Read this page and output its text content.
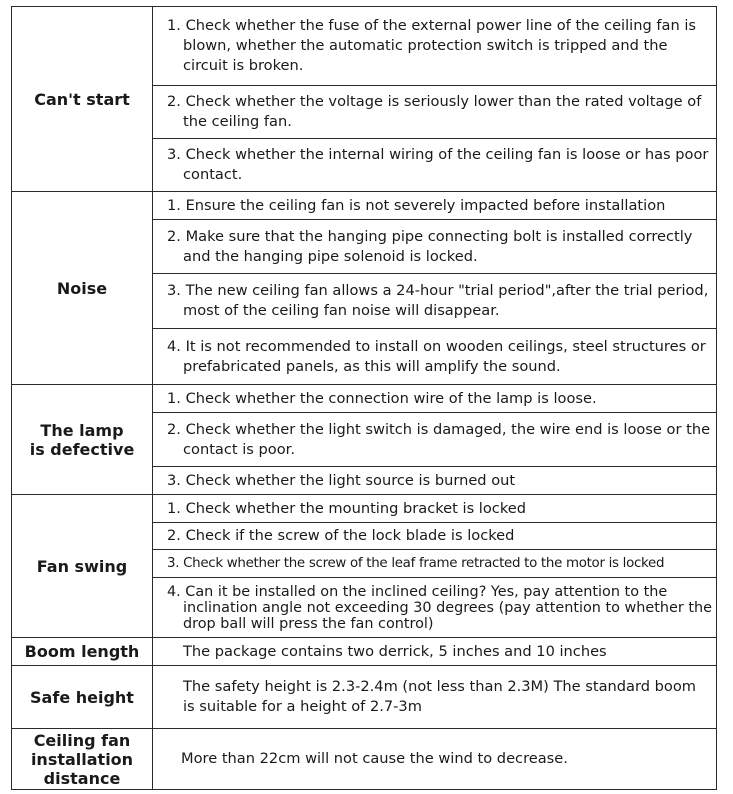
Can't start
1. Check whether the fuse of the external power line of the ceiling fan is blown, whether the automatic protection switch is tripped and the circuit is broken.
2. Check whether the voltage is seriously lower than the rated voltage of the ceiling fan.
3. Check whether the internal wiring of the ceiling fan is loose or has poor contact.
Noise
1. Ensure the ceiling fan is not severely impacted before installation
2. Make sure that the hanging pipe connecting bolt is installed correctly and the hanging pipe solenoid is locked.
3. The new ceiling fan allows a 24-hour "trial period",after the trial period, most of the ceiling fan noise will disappear.
4. It is not recommended to install on wooden ceilings, steel structures or prefabricated panels, as this will amplify the sound.
The lamp
is defective
1. Check whether the connection wire of the lamp is loose.
2. Check whether the light switch is damaged, the wire end is loose or the contact is poor.
3. Check whether the light source is burned out
Fan swing
1. Check whether the mounting bracket is locked
2. Check if the screw of the lock blade is locked
3. Check whether the screw of the leaf frame retracted to the motor is locked
4. Can it be installed on the inclined ceiling? Yes, pay attention to the inclination angle not exceeding 30 degrees (pay attention to whether the drop ball will press the fan control)
Boom length	The package contains two derrick, 5 inches and 10 inches
Safe height
The safety height is 2.3-2.4m (not less than 2.3M) The standard boom is suitable for a height of 2.7-3m
Ceiling fan
installation
distance
More than 22cm will not cause the wind to decrease.
